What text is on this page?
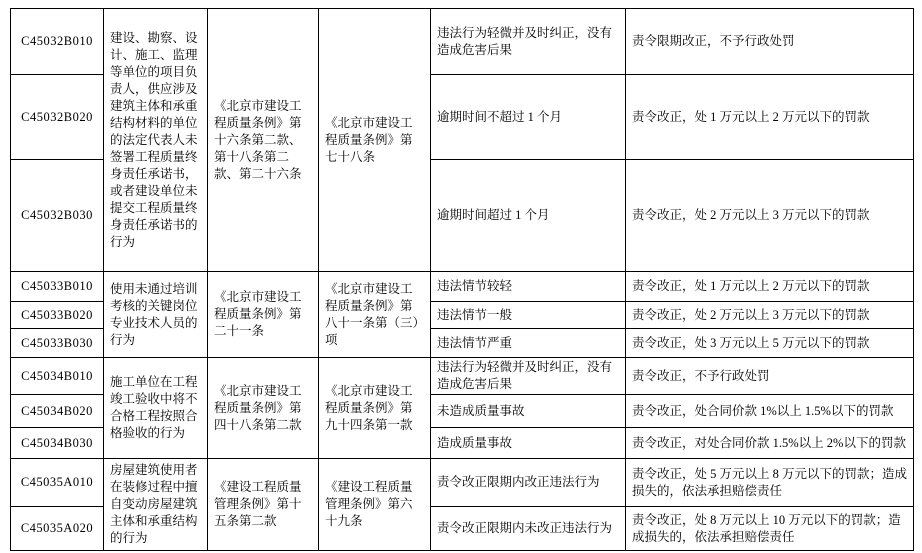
C45032B010	建设、勘察、设计、施工、监理等单位的项目负责人，供应涉及建筑主体和承重结构材料的单位的法定代表人未签署工程质量终身责任承诺书，或者建设单位未提交工程质量终身责任承诺书的行为	《北京市建设工程质量条例》第十六条第二款、第十八条第二款、第二十六条	《北京市建设工程质量条例》第七十八条	违法行为轻微并及时纠正，没有造成危害后果	责令限期改正，不予行政处罚
C45032B020				逾期时间不超过 1 个月	责令改正，处 1 万元以上 2 万元以下的罚款
C45032B030				逾期时间超过 1 个月	责令改正，处 2 万元以上 3 万元以下的罚款
C45033B010	使用未通过培训考核的关键岗位专业技术人员的行为	《北京市建设工程质量条例》第二十一条	《北京市建设工程质量条例》第八十一条第（三）项	违法情节较轻	责令改正，处 1 万元以上 2 万元以下的罚款
C45033B020				违法情节一般	责令改正，处 2 万元以上 3 万元以下的罚款
C45033B030				违法情节严重	责令改正，处 3 万元以上 5 万元以下的罚款
C45034B010	施工单位在工程竣工验收中将不合格工程按照合格验收的行为	《北京市建设工程质量条例》第四十八条第二款	《北京市建设工程质量条例》第九十四条第一款	违法行为轻微并及时纠正，没有造成危害后果	责令改正，不予行政处罚
C45034B020				未造成质量事故	责令改正，处合同价款 1%以上 1.5%以下的罚款
C45034B030				造成质量事故	责令改正，对处合同价款 1.5%以上 2%以下的罚款
C45035A010	房屋建筑使用者在装修过程中擅自变动房屋建筑主体和承重结构的行为	《建设工程质量管理条例》第十五条第二款	《建设工程质量管理条例》第六十九条	责令改正限期内改正违法行为	责令改正，处 5 万元以上 8 万元以下的罚款；造成损失的，依法承担赔偿责任
C45035A020				责令改正限期内未改正违法行为	责令改正，处 8 万元以上 10 万元以下的罚款；造成损失的，依法承担赔偿责任
